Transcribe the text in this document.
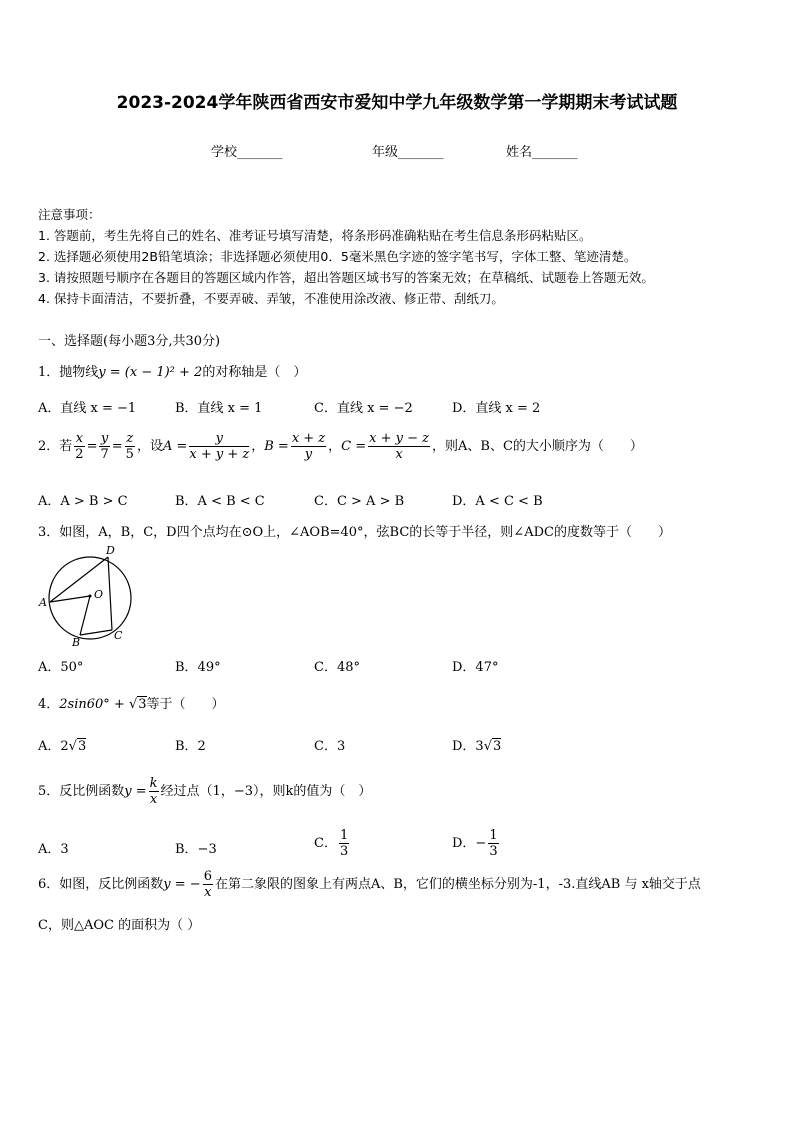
2023-2024学年陕西省西安市爱知中学九年级数学第一学期期末考试试题
学校_______	年级_______	姓名_______
注意事项：
1. 答题前，考生先将自己的姓名、准考证号填写清楚，将条形码准确粘贴在考生信息条形码粘贴区。
2. 选择题必须使用2B铅笔填涂；非选择题必须使用0．5毫米黑色字迹的签字笔书写，字体工整、笔迹清楚。
3. 请按照题号顺序在各题目的答题区域内作答，超出答题区域书写的答案无效；在草稿纸、试题卷上答题无效。
4. 保持卡面清洁，不要折叠，不要弄破、弄皱，不准使用涂改液、修正带、刮纸刀。
一、选择题(每小题3分,共30分)
1．抛物线y = (x − 1)² + 2的对称轴是（　）
A．直线 x = −1	B．直线 x = 1	C．直线 x = −2	D．直线 x = 2
2．若 $\frac{x}{2} = \frac{y}{7} = \frac{z}{5}$ ，设$A = \frac{y}{x + y + z}$ ，$B = \frac{x + z}{y}$ ，$C = \frac{x + y - z}{x}$ ，则A、B、C的大小顺序为（　　）
A．A > B > C	B．A < B < C	C．C > A > B	D．A < C < B
3．如图，A，B，C，D四个点均在⊙O上，∠AOB=40°，弦BC的长等于半径，则∠ADC的度数等于（　　）
A
O
B
C
D
A．50°	B．49°	C．48°	D．47°
4．2sin60° + √3等于（　　）
A．2√3	B．2	C．3	D．3√3
5．反比例函数$y = \frac{k}{x}$ 经过点（1，−3），则k的值为（　）
A．3	B．−3	C． $\frac{1}{3}$	D．− $\frac{1}{3}$
6．如图，反比例函数y = − $\frac{6}{x}$ 在第二象限的图象上有两点A、B，它们的横坐标分别为-1，-3.直线AB 与 x轴交于点
C，则△AOC 的面积为（ ）
